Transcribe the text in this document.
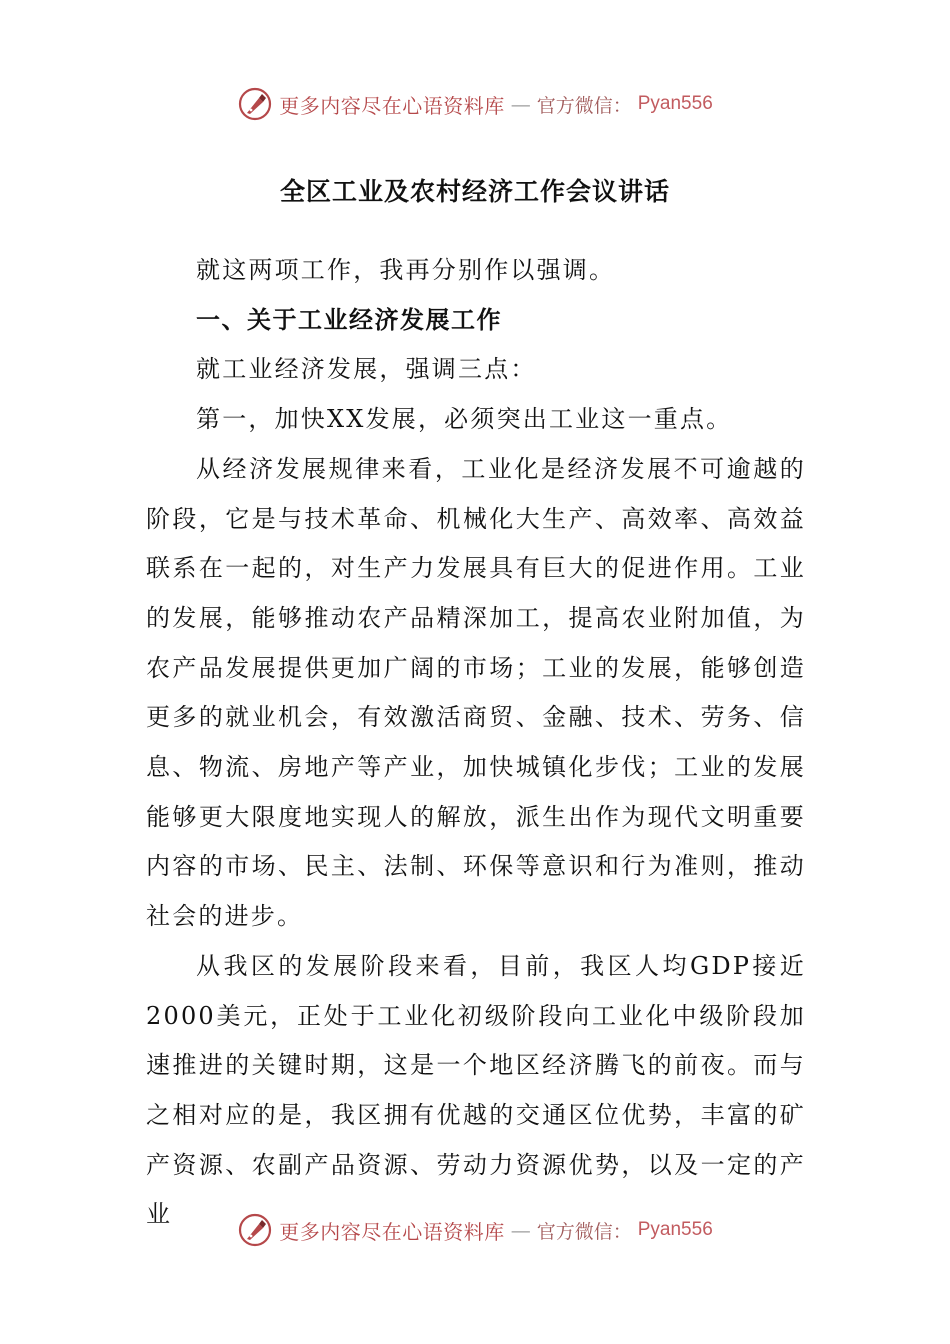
更多内容尽在心语资料库 — 官方微信： Pyan556
全区工业及农村经济工作会议讲话

就这两项工作，我再分别作以强调。

一、关于工业经济发展工作

就工业经济发展，强调三点：

第一，加快XX发展，必须突出工业这一重点。

从经济发展规律来看，工业化是经济发展不可逾越的阶段，它是与技术革命、机械化大生产、高效率、高效益联系在一起的，对生产力发展具有巨大的促进作用。工业的发展，能够推动农产品精深加工，提高农业附加值，为农产品发展提供更加广阔的市场；工业的发展，能够创造更多的就业机会，有效激活商贸、金融、技术、劳务、信息、物流、房地产等产业，加快城镇化步伐；工业的发展能够更大限度地实现人的解放，派生出作为现代文明重要内容的市场、民主、法制、环保等意识和行为准则，推动社会的进步。

从我区的发展阶段来看，目前，我区人均GDP接近2000美元，正处于工业化初级阶段向工业化中级阶段加速推进的关键时期，这是一个地区经济腾飞的前夜。而与之相对应的是，我区拥有优越的交通区位优势，丰富的矿产资源、农副产品资源、劳动力资源优势，以及一定的产业

更多内容尽在心语资料库 — 官方微信： Pyan556
